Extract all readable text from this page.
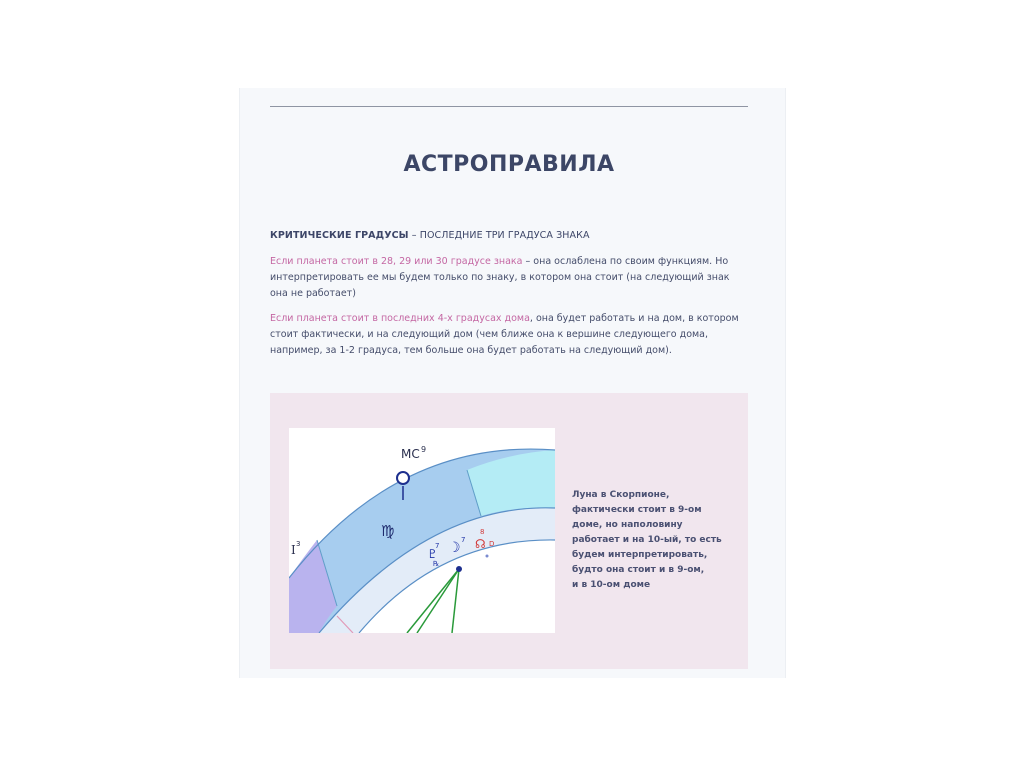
АСТРОПРАВИЛА
КРИТИЧЕСКИЕ ГРАДУСЫ – ПОСЛЕДНИЕ ТРИ ГРАДУСА ЗНАКА
Если планета стоит в 28, 29 или 30 градусе знака – она ослаблена по своим функциям. Но интерпретировать ее мы будем только по знаку, в котором она стоит (на следующий знак она не работает)
Если планета стоит в последних 4-х градусах дома, она будет работать и на дом, в котором стоит фактически, и на следующий дом (чем ближе она к вершине следующего дома, например, за 1-2 градуса, тем больше она будет работать на следующий дом).
MC 9
I 3
♍
♇
7
℞
☽ 7 ☊
8
D
Луна в Скорпионе,
фактически стоит в 9-ом
доме, но наполовину
работает и на 10-ый, то есть
будем интерпретировать,
будто она стоит и в 9-ом,
и в 10-ом доме
